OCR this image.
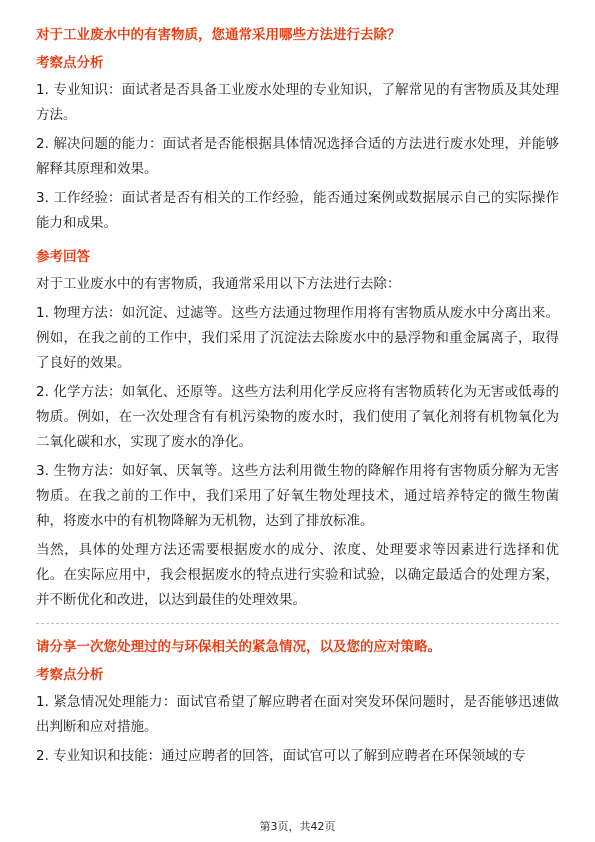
对于工业废水中的有害物质，您通常采用哪些方法进行去除？
考察点分析
1. 专业知识：面试者是否具备工业废水处理的专业知识，了解常见的有害物质及其处理方法。
2. 解决问题的能力：面试者是否能根据具体情况选择合适的方法进行废水处理，并能够解释其原理和效果。
3. 工作经验：面试者是否有相关的工作经验，能否通过案例或数据展示自己的实际操作能力和成果。
参考回答
对于工业废水中的有害物质，我通常采用以下方法进行去除：
1. 物理方法：如沉淀、过滤等。这些方法通过物理作用将有害物质从废水中分离出来。例如，在我之前的工作中，我们采用了沉淀法去除废水中的悬浮物和重金属离子，取得了良好的效果。
2. 化学方法：如氧化、还原等。这些方法利用化学反应将有害物质转化为无害或低毒的物质。例如，在一次处理含有有机污染物的废水时，我们使用了氧化剂将有机物氧化为二氧化碳和水，实现了废水的净化。
3. 生物方法：如好氧、厌氧等。这些方法利用微生物的降解作用将有害物质分解为无害物质。在我之前的工作中，我们采用了好氧生物处理技术，通过培养特定的微生物菌种，将废水中的有机物降解为无机物，达到了排放标准。
当然，具体的处理方法还需要根据废水的成分、浓度、处理要求等因素进行选择和优化。在实际应用中，我会根据废水的特点进行实验和试验，以确定最适合的处理方案，并不断优化和改进，以达到最佳的处理效果。
请分享一次您处理过的与环保相关的紧急情况，以及您的应对策略。
考察点分析
1. 紧急情况处理能力：面试官希望了解应聘者在面对突发环保问题时，是否能够迅速做出判断和应对措施。
2. 专业知识和技能：通过应聘者的回答，面试官可以了解到应聘者在环保领域的专
第3页，共42页
